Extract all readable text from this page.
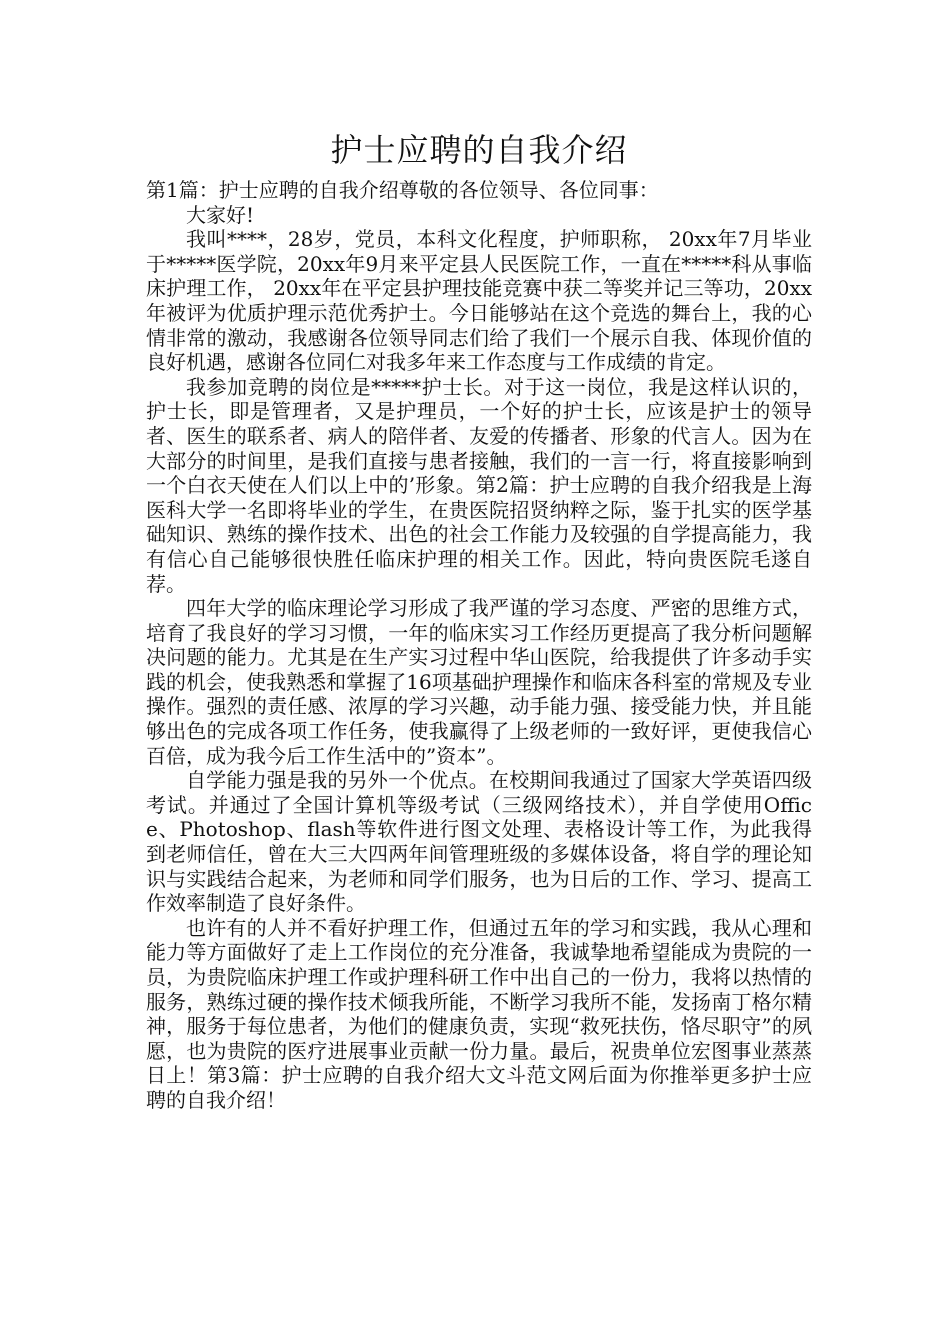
护士应聘的自我介绍

第1篇：护士应聘的自我介绍尊敬的各位领导、各位同事：

大家好!

我叫****，28岁，党员，本科文化程度，护师职称， 20xx年7月毕业于*****医学院，20xx年9月来平定县人民医院工作，一直在*****科从事临床护理工作， 20xx年在平定县护理技能竞赛中获二等奖并记三等功，20xx年被评为优质护理示范优秀护士。今日能够站在这个竞选的舞台上，我的心情非常的激动，我感谢各位领导同志们给了我们一个展示自我、体现价值的良好机遇，感谢各位同仁对我多年来工作态度与工作成绩的肯定。

我参加竞聘的岗位是*****护士长。对于这一岗位，我是这样认识的，护士长，即是管理者，又是护理员，一个好的护士长，应该是护士的领导者、医生的联系者、病人的陪伴者、友爱的传播者、形象的代言人。因为在大部分的时间里，是我们直接与患者接触，我们的一言一行，将直接影响到一个白衣天使在人们以上中的’形象。第2篇：护士应聘的自我介绍我是上海医科大学一名即将毕业的学生，在贵医院招贤纳粹之际，鉴于扎实的医学基础知识、熟练的操作技术、出色的社会工作能力及较强的自学提高能力，我有信心自己能够很快胜任临床护理的相关工作。因此，特向贵医院毛遂自荐。

四年大学的临床理论学习形成了我严谨的学习态度、严密的思维方式，培育了我良好的学习习惯，一年的临床实习工作经历更提高了我分析问题解决问题的能力。尤其是在生产实习过程中华山医院，给我提供了许多动手实践的机会，使我熟悉和掌握了16项基础护理操作和临床各科室的常规及专业操作。强烈的责任感、浓厚的学习兴趣，动手能力强、接受能力快，并且能够出色的完成各项工作任务，使我赢得了上级老师的一致好评，更使我信心百倍，成为我今后工作生活中的”资本”。

自学能力强是我的另外一个优点。在校期间我通过了国家大学英语四级考试。并通过了全国计算机等级考试（三级网络技术），并自学使用Office、Photoshop、flash等软件进行图文处理、表格设计等工作，为此我得到老师信任，曾在大三大四两年间管理班级的多媒体设备，将自学的理论知识与实践结合起来，为老师和同学们服务，也为日后的工作、学习、提高工作效率制造了良好条件。

也许有的人并不看好护理工作，但通过五年的学习和实践，我从心理和能力等方面做好了走上工作岗位的充分准备，我诚挚地希望能成为贵院的一员，为贵院临床护理工作或护理科研工作中出自己的一份力，我将以热情的服务，熟练过硬的操作技术倾我所能，不断学习我所不能，发扬南丁格尔精神，服务于每位患者，为他们的健康负责，实现“救死扶伤，恪尽职守”的夙愿，也为贵院的医疗进展事业贡献一份力量。最后，祝贵单位宏图事业蒸蒸日上！第3篇：护士应聘的自我介绍大文斗范文网后面为你推举更多护士应聘的自我介绍！
